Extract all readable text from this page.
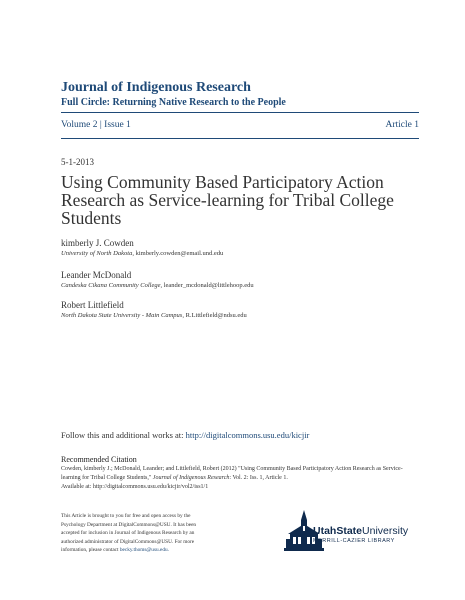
Journal of Indigenous Research
Full Circle: Returning Native Research to the People
Volume 2 | Issue 1	Article 1
5-1-2013
Using Community Based Participatory Action Research as Service-learning for Tribal College Students
kimberly J. Cowden
University of North Dakota, kimberly.cowden@email.und.edu
Leander McDonald
Candeska Cikana Community College, leander_mcdonald@littlehoop.edu
Robert Littlefield
North Dakota State University - Main Campus, R.Littlefield@ndsu.edu
Follow this and additional works at: http://digitalcommons.usu.edu/kicjir
Recommended Citation
Cowden, kimberly J.; McDonald, Leander; and Littlefield, Robert (2012) "Using Community Based Participatory Action Research as Service-learning for Tribal College Students," Journal of Indigenous Research: Vol. 2: Iss. 1, Article 1.
Available at: http://digitalcommons.usu.edu/kicjir/vol2/iss1/1
This Article is brought to you for free and open access by the Psychology Department at DigitalCommons@USU. It has been accepted for inclusion in Journal of Indigenous Research by an authorized administrator of DigitalCommons@USU. For more information, please contact becky.thoms@usu.edu.
UtahStateUniversity
MERRILL-CAZIER LIBRARY
